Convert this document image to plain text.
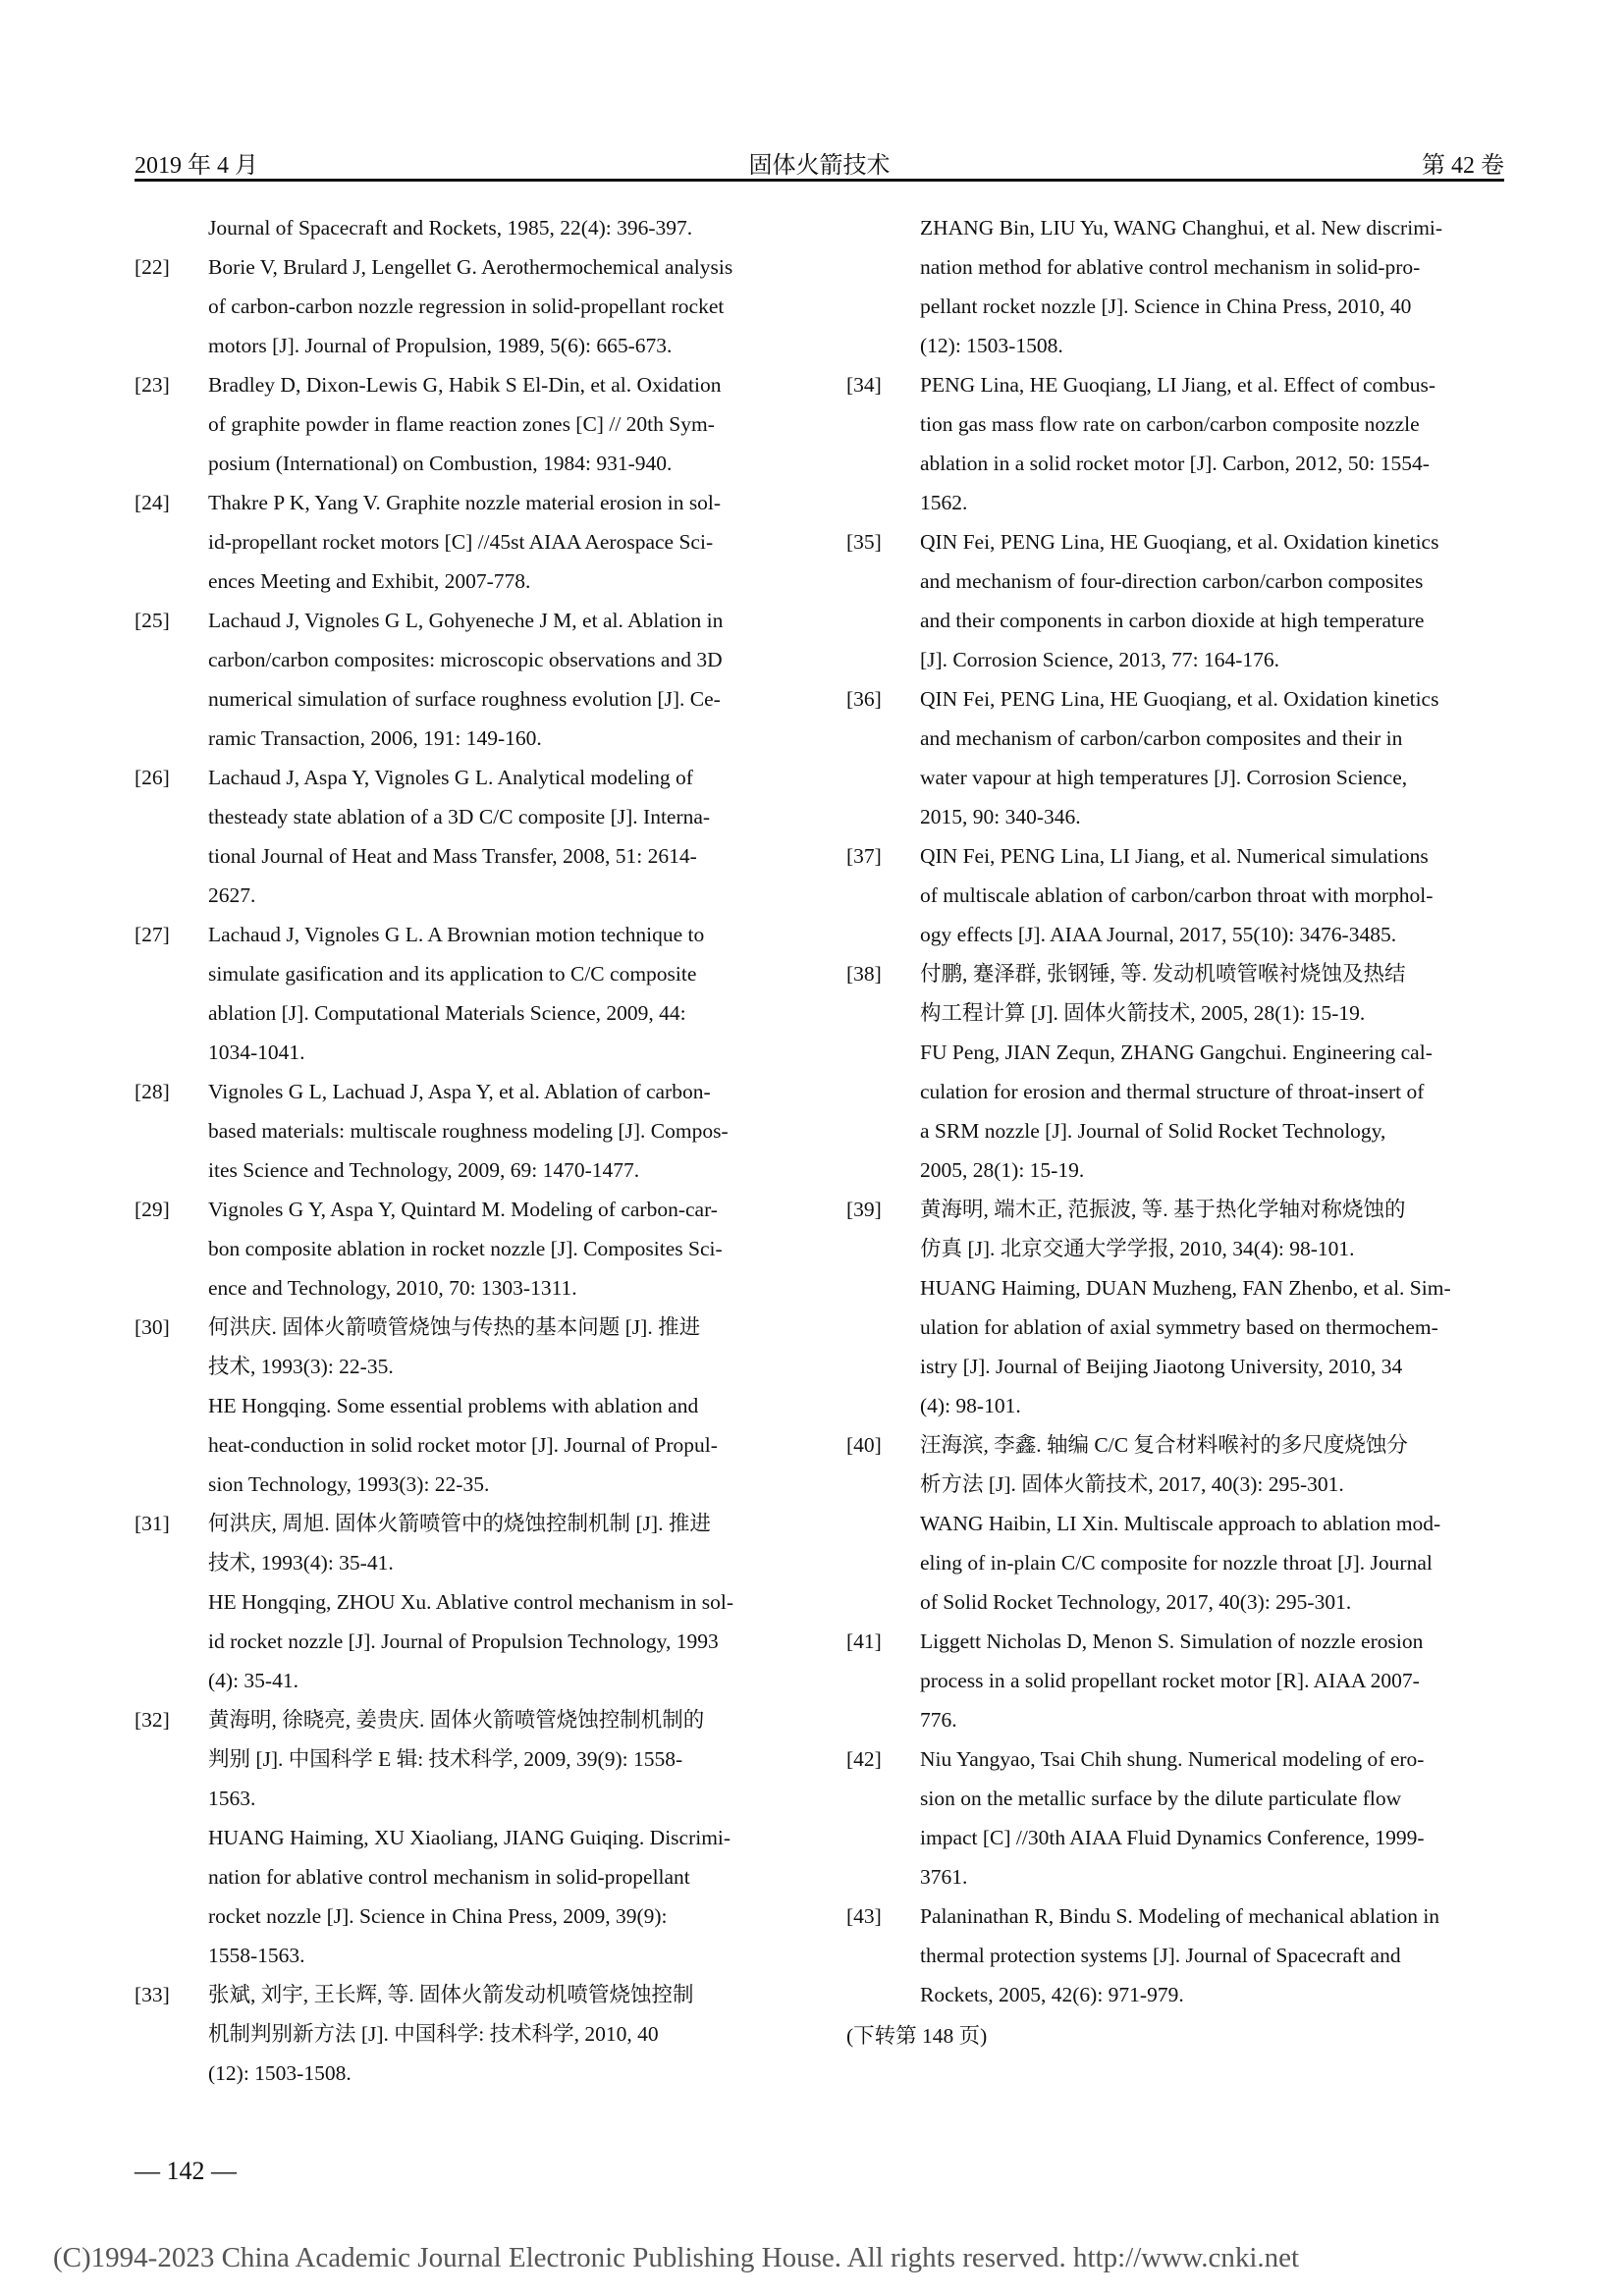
2019 年 4 月	固体火箭技术	第 42 卷

Journal of Spacecraft and Rockets, 1985, 22(4): 396-397.

[22] Borie V, Brulard J, Lengellet G. Aerothermochemical analysis

of carbon-carbon nozzle regression in solid-propellant rocket

motors [J]. Journal of Propulsion, 1989, 5(6): 665-673.

[23] Bradley D, Dixon-Lewis G, Habik S El-Din, et al. Oxidation

of graphite powder in flame reaction zones [C] // 20th Sym-

posium (International) on Combustion, 1984: 931-940.

[24] Thakre P K, Yang V. Graphite nozzle material erosion in sol-

id-propellant rocket motors [C] //45st AIAA Aerospace Sci-

ences Meeting and Exhibit, 2007-778.

[25] Lachaud J, Vignoles G L, Gohyeneche J M, et al. Ablation in

carbon/carbon composites: microscopic observations and 3D

numerical simulation of surface roughness evolution [J]. Ce-

ramic Transaction, 2006, 191: 149-160.

[26] Lachaud J, Aspa Y, Vignoles G L. Analytical modeling of

thesteady state ablation of a 3D C/C composite [J]. Interna-

tional Journal of Heat and Mass Transfer, 2008, 51: 2614-

2627.

[27] Lachaud J, Vignoles G L. A Brownian motion technique to

simulate gasification and its application to C/C composite

ablation [J]. Computational Materials Science, 2009, 44:

1034-1041.

[28] Vignoles G L, Lachuad J, Aspa Y, et al. Ablation of carbon-

based materials: multiscale roughness modeling [J]. Compos-

ites Science and Technology, 2009, 69: 1470-1477.

[29] Vignoles G Y, Aspa Y, Quintard M. Modeling of carbon-car-

bon composite ablation in rocket nozzle [J]. Composites Sci-

ence and Technology, 2010, 70: 1303-1311.

[30] 何洪庆. 固体火箭喷管烧蚀与传热的基本问题 [J]. 推进

技术, 1993(3): 22-35.

HE Hongqing. Some essential problems with ablation and

heat-conduction in solid rocket motor [J]. Journal of Propul-

sion Technology, 1993(3): 22-35.

[31] 何洪庆, 周旭. 固体火箭喷管中的烧蚀控制机制 [J]. 推进

技术, 1993(4): 35-41.

HE Hongqing, ZHOU Xu. Ablative control mechanism in sol-

id rocket nozzle [J]. Journal of Propulsion Technology, 1993

(4): 35-41.

[32] 黄海明, 徐晓亮, 姜贵庆. 固体火箭喷管烧蚀控制机制的

判别 [J]. 中国科学 E 辑: 技术科学, 2009, 39(9): 1558-

1563.

HUANG Haiming, XU Xiaoliang, JIANG Guiqing. Discrimi-

nation for ablative control mechanism in solid-propellant

rocket nozzle [J]. Science in China Press, 2009, 39(9):

1558-1563.

[33] 张斌, 刘宇, 王长辉, 等. 固体火箭发动机喷管烧蚀控制

机制判别新方法 [J]. 中国科学: 技术科学, 2010, 40

(12): 1503-1508.

ZHANG Bin, LIU Yu, WANG Changhui, et al. New discrimi-

nation method for ablative control mechanism in solid-pro-

pellant rocket nozzle [J]. Science in China Press, 2010, 40

(12): 1503-1508.

[34] PENG Lina, HE Guoqiang, LI Jiang, et al. Effect of combus-

tion gas mass flow rate on carbon/carbon composite nozzle

ablation in a solid rocket motor [J]. Carbon, 2012, 50: 1554-

1562.

[35] QIN Fei, PENG Lina, HE Guoqiang, et al. Oxidation kinetics

and mechanism of four-direction carbon/carbon composites

and their components in carbon dioxide at high temperature

[J]. Corrosion Science, 2013, 77: 164-176.

[36] QIN Fei, PENG Lina, HE Guoqiang, et al. Oxidation kinetics

and mechanism of carbon/carbon composites and their in

water vapour at high temperatures [J]. Corrosion Science,

2015, 90: 340-346.

[37] QIN Fei, PENG Lina, LI Jiang, et al. Numerical simulations

of multiscale ablation of carbon/carbon throat with morphol-

ogy effects [J]. AIAA Journal, 2017, 55(10): 3476-3485.

[38] 付鹏, 蹇泽群, 张钢锤, 等. 发动机喷管喉衬烧蚀及热结

构工程计算 [J]. 固体火箭技术, 2005, 28(1): 15-19.

FU Peng, JIAN Zequn, ZHANG Gangchui. Engineering cal-

culation for erosion and thermal structure of throat-insert of

a SRM nozzle [J]. Journal of Solid Rocket Technology,

2005, 28(1): 15-19.

[39] 黄海明, 端木正, 范振波, 等. 基于热化学轴对称烧蚀的

仿真 [J]. 北京交通大学学报, 2010, 34(4): 98-101.

HUANG Haiming, DUAN Muzheng, FAN Zhenbo, et al. Sim-

ulation for ablation of axial symmetry based on thermochem-

istry [J]. Journal of Beijing Jiaotong University, 2010, 34

(4): 98-101.

[40] 汪海滨, 李鑫. 轴编 C/C 复合材料喉衬的多尺度烧蚀分

析方法 [J]. 固体火箭技术, 2017, 40(3): 295-301.

WANG Haibin, LI Xin. Multiscale approach to ablation mod-

eling of in-plain C/C composite for nozzle throat [J]. Journal

of Solid Rocket Technology, 2017, 40(3): 295-301.

[41] Liggett Nicholas D, Menon S. Simulation of nozzle erosion

process in a solid propellant rocket motor [R]. AIAA 2007-

776.

[42] Niu Yangyao, Tsai Chih shung. Numerical modeling of ero-

sion on the metallic surface by the dilute particulate flow

impact [C] //30th AIAA Fluid Dynamics Conference, 1999-

3761.

[43] Palaninathan R, Bindu S. Modeling of mechanical ablation in

thermal protection systems [J]. Journal of Spacecraft and

Rockets, 2005, 42(6): 971-979.

(下转第 148 页)

— 142 —
(C)1994-2023 China Academic Journal Electronic Publishing House. All rights reserved. http://www.cnki.net
